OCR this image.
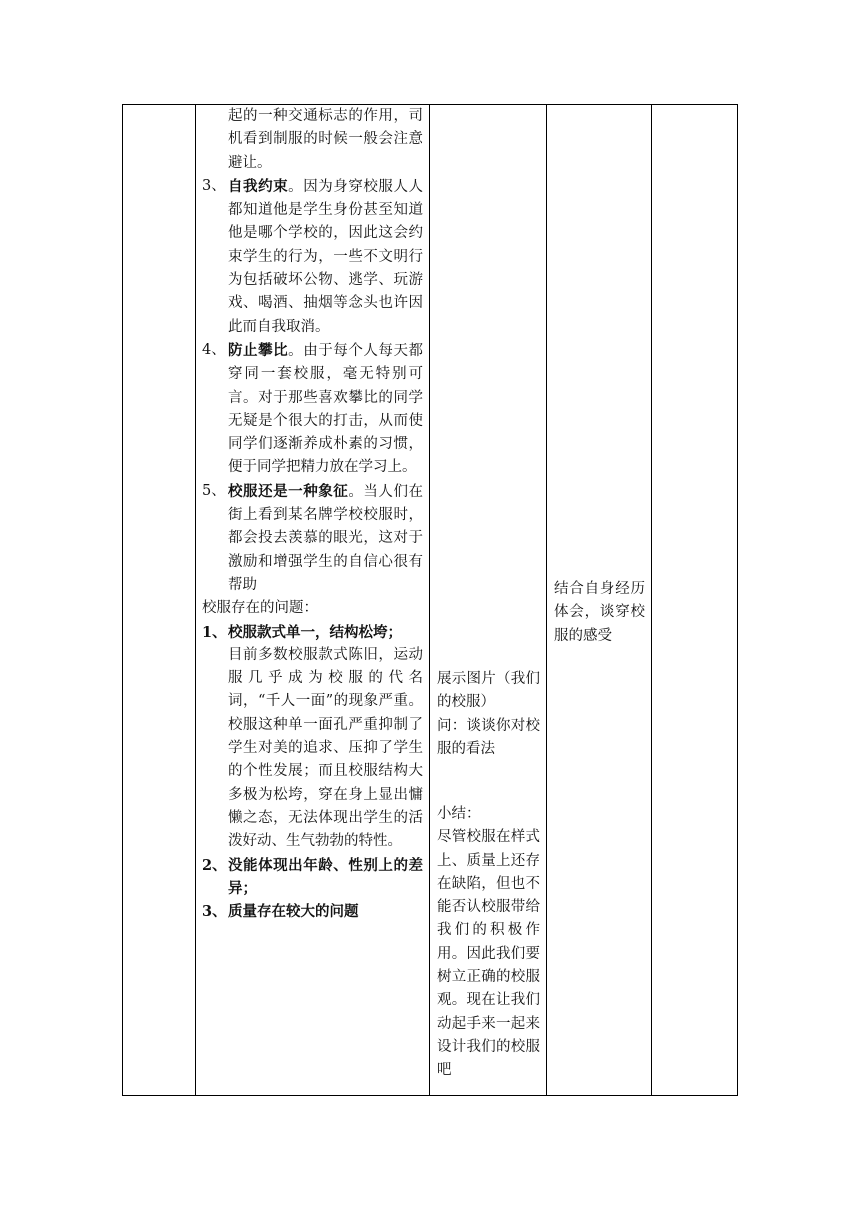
起的一种交通标志的作用，司机看到制服的时候一般会注意避让。

3、 自我约束。因为身穿校服人人都知道他是学生身份甚至知道他是哪个学校的，因此这会约束学生的行为，一些不文明行为包括破坏公物、逃学、玩游戏、喝酒、抽烟等念头也许因此而自我取消。
4、 防止攀比。由于每个人每天都穿同一套校服，毫无特别可言。对于那些喜欢攀比的同学无疑是个很大的打击，从而使同学们逐渐养成朴素的习惯，便于同学把精力放在学习上。
5、 校服还是一种象征。当人们在街上看到某名牌学校校服时，都会投去羡慕的眼光，这对于激励和增强学生的自信心很有帮助

校服存在的问题：

1、 校服款式单一，结构松垮；
目前多数校服款式陈旧，运动服几乎成为校服的代名词，“千人一面”的现象严重。校服这种单一面孔严重抑制了学生对美的追求、压抑了学生的个性发展；而且校服结构大多极为松垮，穿在身上显出慵懒之态，无法体现出学生的活泼好动、生气勃勃的特性。
2、 没能体现出年龄、性别上的差异；
3、 质量存在较大的问题

展示图片（我们的校服）

问：谈谈你对校服的看法

小结：

尽管校服在样式上、质量上还存在缺陷，但也不能否认校服带给我们的积极作用。因此我们要树立正确的校服观。现在让我们动起手来一起来设计我们的校服吧

结合自身经历体会，谈穿校服的感受
